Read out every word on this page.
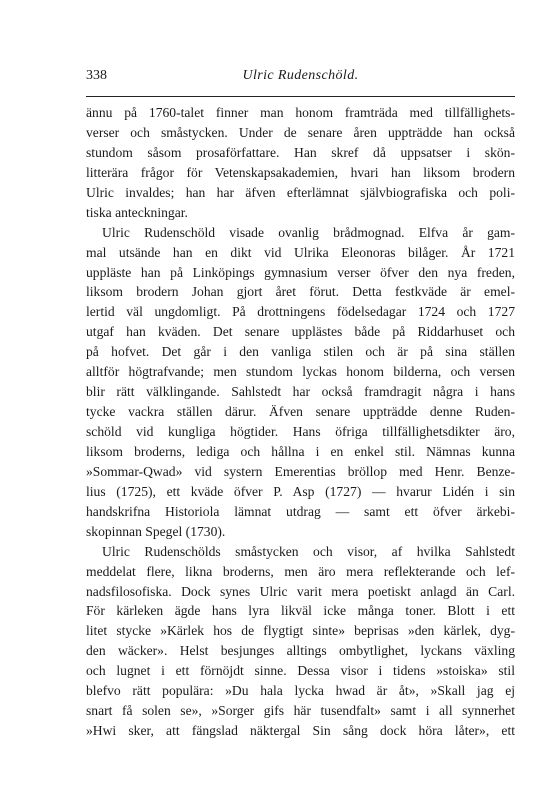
338	Ulric Rudenschöld.
ännu på 1760-talet finner man honom framträda med tillfällighets-
verser och småstycken. Under de senare åren uppträdde han också
stundom såsom prosaförfattare. Han skref då uppsatser i skön-
litterära frågor för Vetenskapsakademien, hvari han liksom brodern
Ulric invaldes; han har äfven efterlämnat självbiografiska och poli-
tiska anteckningar.
Ulric Rudenschöld visade ovanlig brådmognad. Elfva år gam-
mal utsände han en dikt vid Ulrika Eleonoras bilåger. År 1721
uppläste han på Linköpings gymnasium verser öfver den nya freden,
liksom brodern Johan gjort året förut. Detta festkväde är emel-
lertid väl ungdomligt. På drottningens födelsedagar 1724 och 1727
utgaf han kväden. Det senare upplästes både på Riddarhuset och
på hofvet. Det går i den vanliga stilen och är på sina ställen
alltför högtrafvande; men stundom lyckas honom bilderna, och versen
blir rätt välklingande. Sahlstedt har också framdragit några i hans
tycke vackra ställen därur. Äfven senare uppträdde denne Ruden-
schöld vid kungliga högtider. Hans öfriga tillfällighetsdikter äro,
liksom broderns, lediga och hållna i en enkel stil. Nämnas kunna
»Sommar-Qwad» vid systern Emerentias bröllop med Henr. Benze-
lius (1725), ett kväde öfver P. Asp (1727) — hvarur Lidén i sin
handskrifna Historiola lämnat utdrag — samt ett öfver ärkebi-
skopinnan Spegel (1730).
Ulric Rudenschölds småstycken och visor, af hvilka Sahlstedt
meddelat flere, likna broderns, men äro mera reflekterande och lef-
nadsfilosofiska. Dock synes Ulric varit mera poetiskt anlagd än Carl.
För kärleken ägde hans lyra likväl icke många toner. Blott i ett
litet stycke »Kärlek hos de flygtigt sinte» beprisas »den kärlek, dyg-
den wäcker». Helst besjunges alltings ombytlighet, lyckans växling
och lugnet i ett förnöjdt sinne. Dessa visor i tidens »stoiska» stil
blefvo rätt populära: »Du hala lycka hwad är åt», »Skall jag ej
snart få solen se», »Sorger gifs här tusendfalt» samt i all synnerhet
»Hwi sker, att fängslad näktergal Sin sång dock höra låter», ett
